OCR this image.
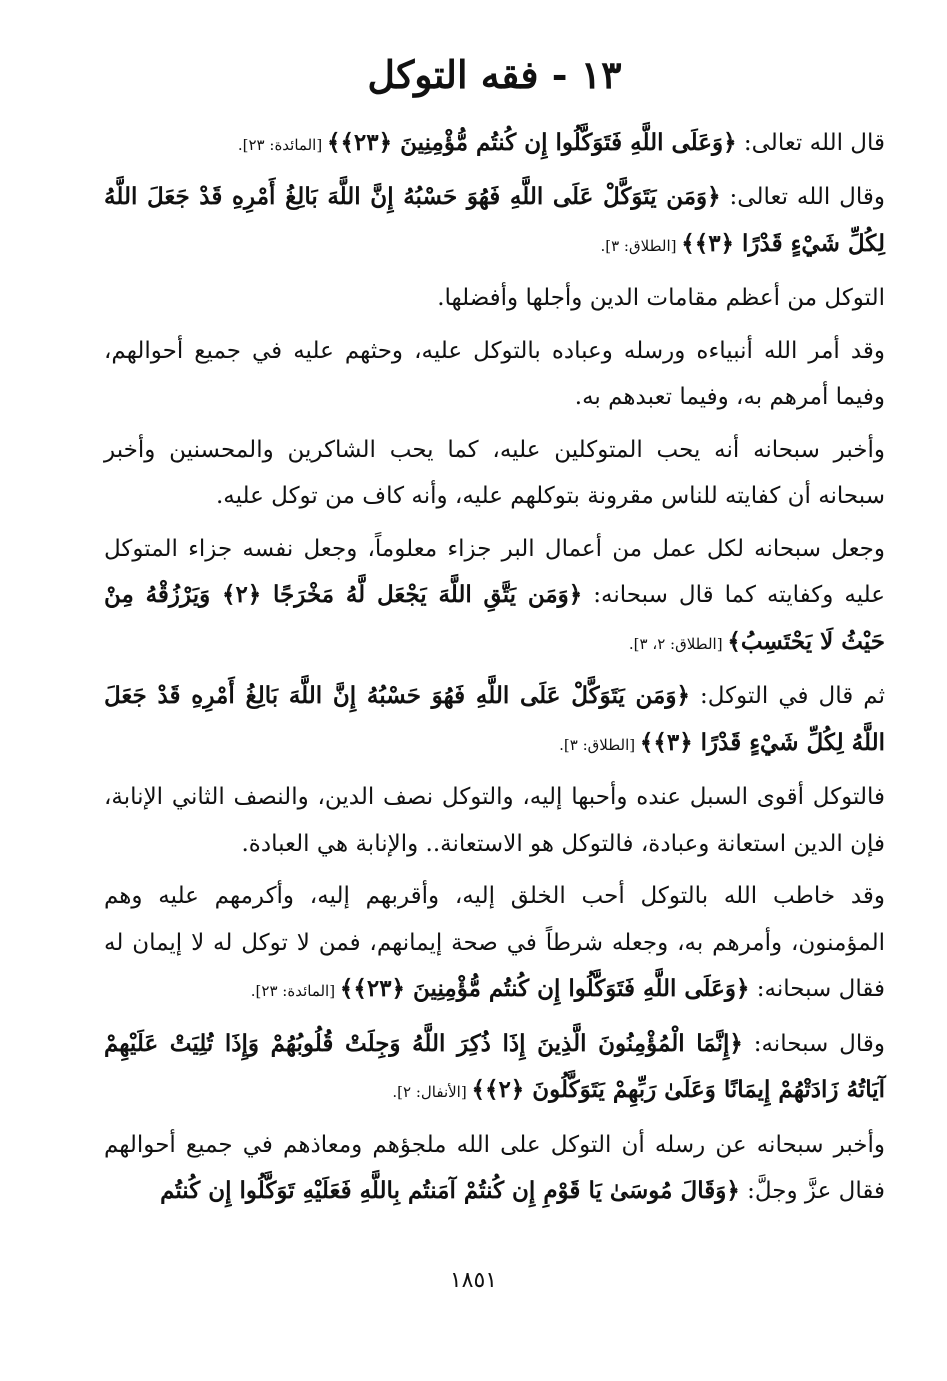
١٣ - فقه التوكل

قال الله تعالى: ﴿وَعَلَى اللَّهِ فَتَوَكَّلُوا إِن كُنتُم مُّؤْمِنِينَ ﴿٢٣﴾﴾ [المائدة: ٢٣].

وقال الله تعالى: ﴿وَمَن يَتَوَكَّلْ عَلَى اللَّهِ فَهُوَ حَسْبُهُ إِنَّ اللَّهَ بَالِغُ أَمْرِهِ قَدْ جَعَلَ اللَّهُ لِكُلِّ شَيْءٍ قَدْرًا ﴿٣﴾﴾ [الطلاق: ٣].

التوكل من أعظم مقامات الدين وأجلها وأفضلها.

وقد أمر الله أنبياءه ورسله وعباده بالتوكل عليه، وحثهم عليه في جميع أحوالهم، وفيما أمرهم به، وفيما تعبدهم به.

وأخبر سبحانه أنه يحب المتوكلين عليه، كما يحب الشاكرين والمحسنين وأخبر سبحانه أن كفايته للناس مقرونة بتوكلهم عليه، وأنه كاف من توكل عليه.

وجعل سبحانه لكل عمل من أعمال البر جزاء معلوماً، وجعل نفسه جزاء المتوكل عليه وكفايته كما قال سبحانه: ﴿وَمَن يَتَّقِ اللَّهَ يَجْعَل لَّهُ مَخْرَجًا ﴿٢﴾ وَيَرْزُقْهُ مِنْ حَيْثُ لَا يَحْتَسِبُ﴾ [الطلاق: ٢، ٣].

ثم قال في التوكل: ﴿وَمَن يَتَوَكَّلْ عَلَى اللَّهِ فَهُوَ حَسْبُهُ إِنَّ اللَّهَ بَالِغُ أَمْرِهِ قَدْ جَعَلَ اللَّهُ لِكُلِّ شَيْءٍ قَدْرًا ﴿٣﴾﴾ [الطلاق: ٣].

فالتوكل أقوى السبل عنده وأحبها إليه، والتوكل نصف الدين، والنصف الثاني الإنابة، فإن الدين استعانة وعبادة، فالتوكل هو الاستعانة.. والإنابة هي العبادة.

وقد خاطب الله بالتوكل أحب الخلق إليه، وأقربهم إليه، وأكرمهم عليه وهم المؤمنون، وأمرهم به، وجعله شرطاً في صحة إيمانهم، فمن لا توكل له لا إيمان له فقال سبحانه: ﴿وَعَلَى اللَّهِ فَتَوَكَّلُوا إِن كُنتُم مُّؤْمِنِينَ ﴿٢٣﴾﴾ [المائدة: ٢٣].

وقال سبحانه: ﴿إِنَّمَا الْمُؤْمِنُونَ الَّذِينَ إِذَا ذُكِرَ اللَّهُ وَجِلَتْ قُلُوبُهُمْ وَإِذَا تُلِيَتْ عَلَيْهِمْ آيَاتُهُ زَادَتْهُمْ إِيمَانًا وَعَلَىٰ رَبِّهِمْ يَتَوَكَّلُونَ ﴿٢﴾﴾ [الأنفال: ٢].

وأخبر سبحانه عن رسله أن التوكل على الله ملجؤهم ومعاذهم في جميع أحوالهم فقال عزَّ وجلَّ: ﴿وَقَالَ مُوسَىٰ يَا قَوْمِ إِن كُنتُمْ آمَنتُم بِاللَّهِ فَعَلَيْهِ تَوَكَّلُوا إِن كُنتُم

١٨٥١
